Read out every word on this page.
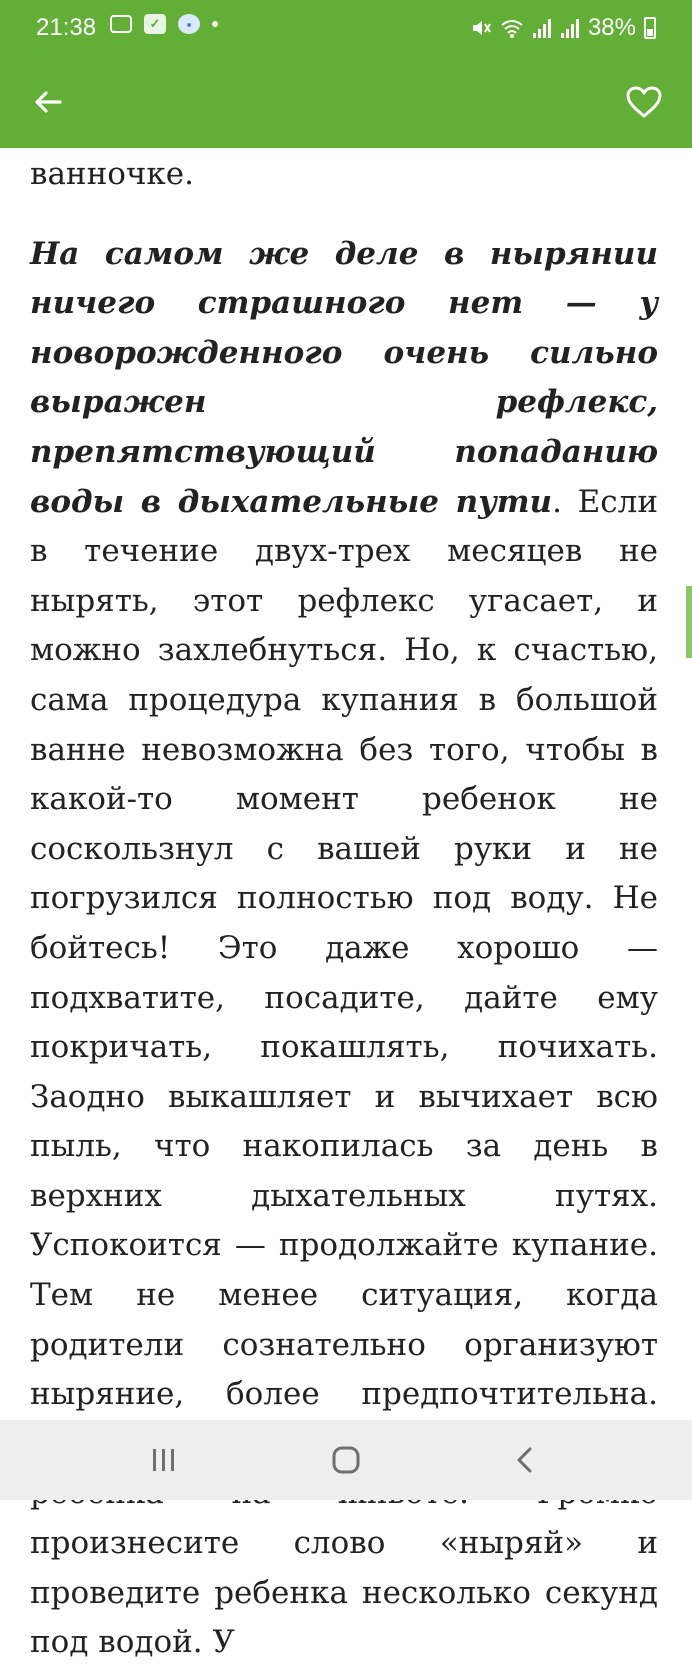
21:38	✓	▪	38%

ванночке.

На самом же деле в нырянии ничего страшного нет — у новорожденного очень сильно выражен рефлекс, препятствующий попаданию воды в дыхательные пути. Если в течение двух-трех месяцев не нырять, этот рефлекс угасает, и можно захлебнуться. Но, к счастью, сама процедура купания в большой ванне невозможна без того, чтобы в какой-то момент ребенок не соскользнул с вашей руки и не погрузился полностью под воду. Не бойтесь! Это даже хорошо — подхватите, посадите, дайте ему покричать, покашлять, почихать. Заодно выкашляет и вычихает всю пыль, что накопилась за день в верхних дыхательных путях. Успокоится — продолжайте купание. Тем не менее ситуация, когда родители сознательно организуют ныряние, более предпочтительна. произнесите слово «ныряй» и проведите ребенка несколько секунд под водой. У
